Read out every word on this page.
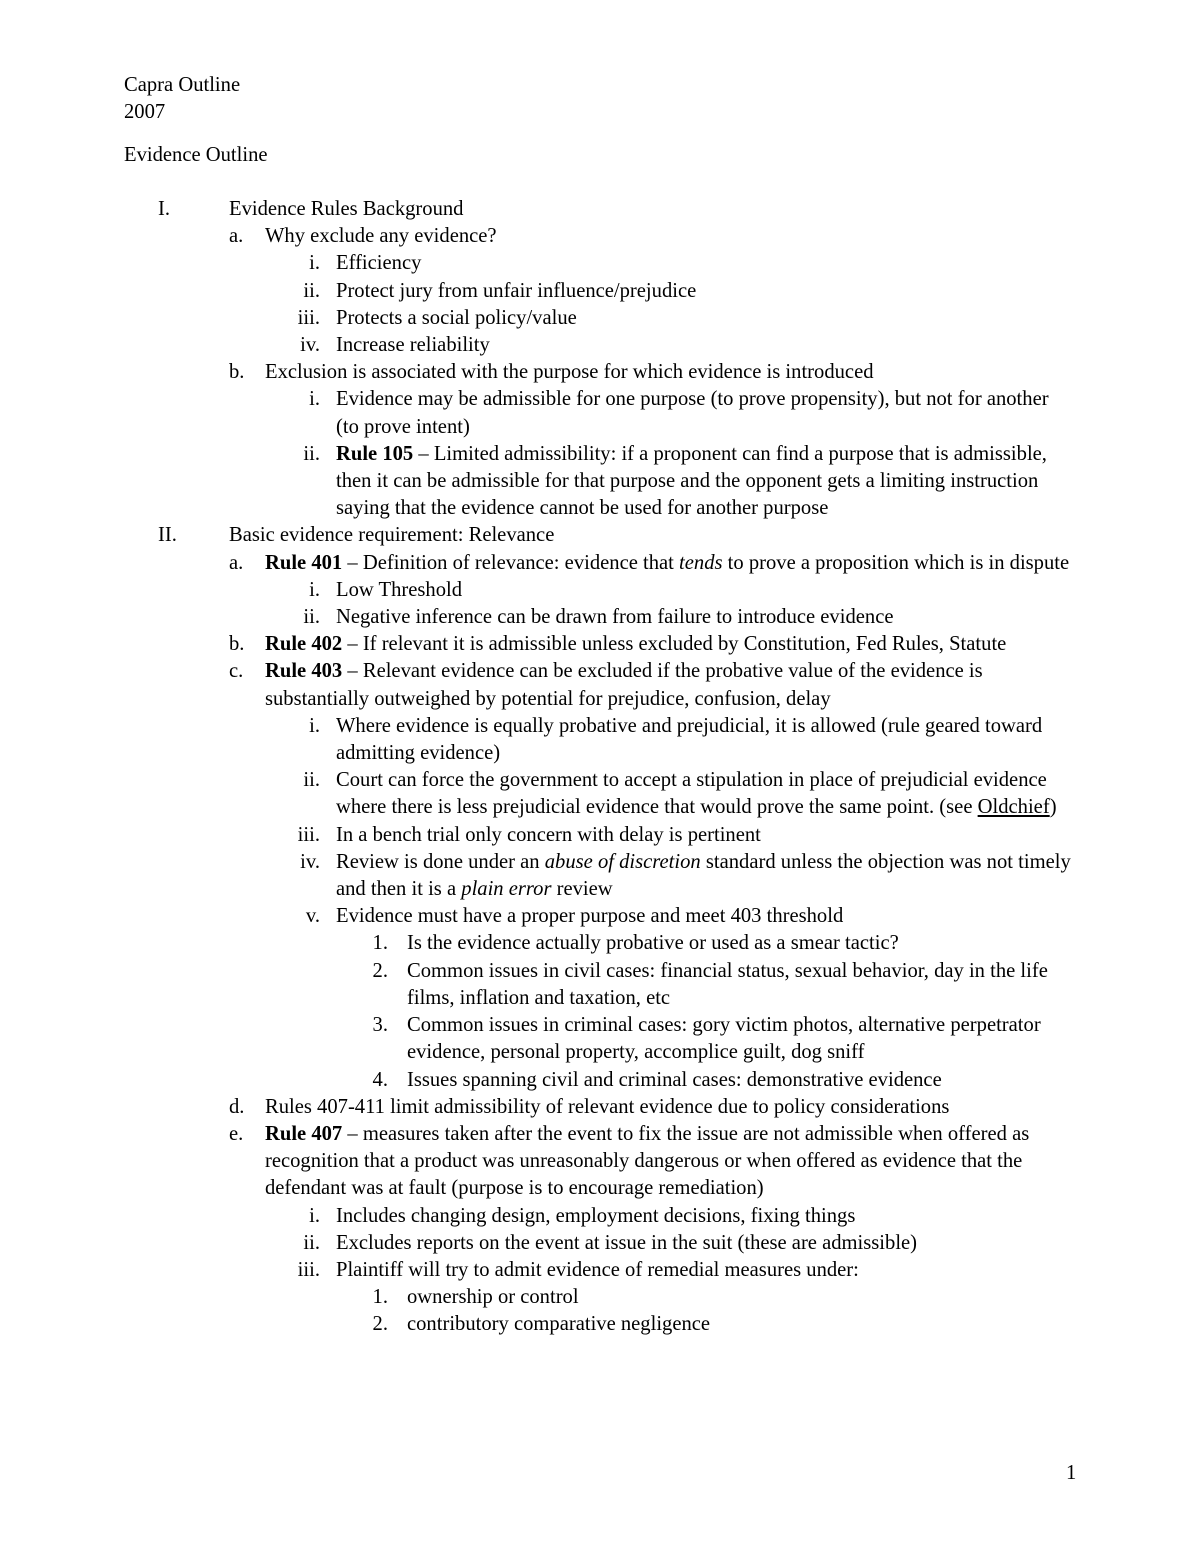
Capra Outline
2007
Evidence Outline
I.	Evidence Rules Background
a. Why exclude any evidence?
i. Efficiency
ii. Protect jury from unfair influence/prejudice
iii. Protects a social policy/value
iv. Increase reliability
b. Exclusion is associated with the purpose for which evidence is introduced
i. Evidence may be admissible for one purpose (to prove propensity), but not for another (to prove intent)
ii. Rule 105 – Limited admissibility: if a proponent can find a purpose that is admissible, then it can be admissible for that purpose and the opponent gets a limiting instruction saying that the evidence cannot be used for another purpose
II.	Basic evidence requirement: Relevance
a. Rule 401 – Definition of relevance: evidence that tends to prove a proposition which is in dispute
i. Low Threshold
ii. Negative inference can be drawn from failure to introduce evidence
b. Rule 402 – If relevant it is admissible unless excluded by Constitution, Fed Rules, Statute
c. Rule 403 – Relevant evidence can be excluded if the probative value of the evidence is substantially outweighed by potential for prejudice, confusion, delay
i. Where evidence is equally probative and prejudicial, it is allowed (rule geared toward admitting evidence)
ii. Court can force the government to accept a stipulation in place of prejudicial evidence where there is less prejudicial evidence that would prove the same point. (see Oldchief)
iii. In a bench trial only concern with delay is pertinent
iv. Review is done under an abuse of discretion standard unless the objection was not timely and then it is a plain error review
v. Evidence must have a proper purpose and meet 403 threshold
1. Is the evidence actually probative or used as a smear tactic?
2. Common issues in civil cases: financial status, sexual behavior, day in the life films, inflation and taxation, etc
3. Common issues in criminal cases: gory victim photos, alternative perpetrator evidence, personal property, accomplice guilt, dog sniff
4. Issues spanning civil and criminal cases: demonstrative evidence
d. Rules 407-411 limit admissibility of relevant evidence due to policy considerations
e. Rule 407 – measures taken after the event to fix the issue are not admissible when offered as recognition that a product was unreasonably dangerous or when offered as evidence that the defendant was at fault (purpose is to encourage remediation)
i. Includes changing design, employment decisions, fixing things
ii. Excludes reports on the event at issue in the suit (these are admissible)
iii. Plaintiff will try to admit evidence of remedial measures under:
1. ownership or control
2. contributory comparative negligence
1
